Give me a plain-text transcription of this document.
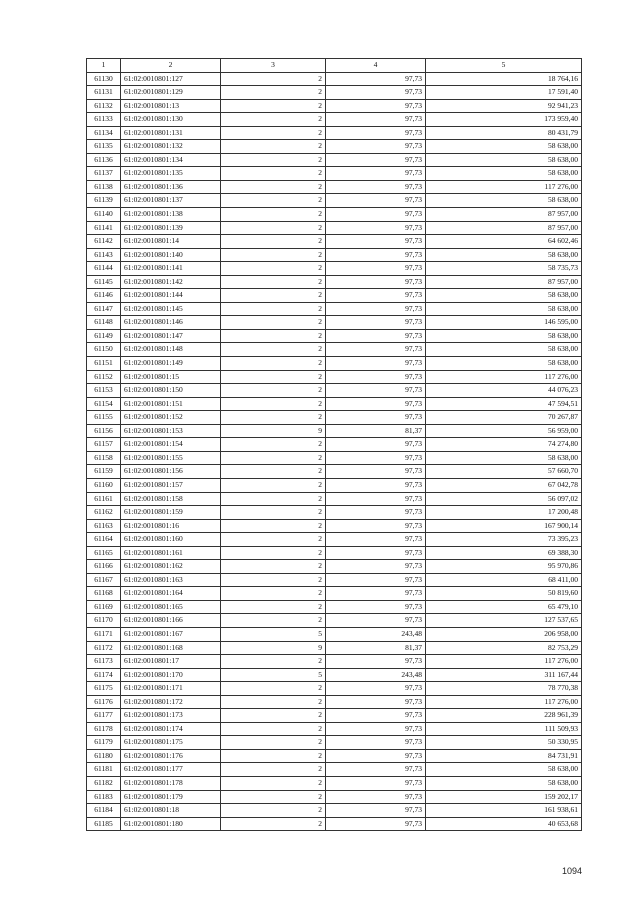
1	2	3	4	5
61130	61:02:0010801:127	2	97,73	18 764,16
61131	61:02:0010801:129	2	97,73	17 591,40
61132	61:02:0010801:13	2	97,73	92 941,23
61133	61:02:0010801:130	2	97,73	173 959,40
61134	61:02:0010801:131	2	97,73	80 431,79
61135	61:02:0010801:132	2	97,73	58 638,00
61136	61:02:0010801:134	2	97,73	58 638,00
61137	61:02:0010801:135	2	97,73	58 638,00
61138	61:02:0010801:136	2	97,73	117 276,00
61139	61:02:0010801:137	2	97,73	58 638,00
61140	61:02:0010801:138	2	97,73	87 957,00
61141	61:02:0010801:139	2	97,73	87 957,00
61142	61:02:0010801:14	2	97,73	64 602,46
61143	61:02:0010801:140	2	97,73	58 638,00
61144	61:02:0010801:141	2	97,73	58 735,73
61145	61:02:0010801:142	2	97,73	87 957,00
61146	61:02:0010801:144	2	97,73	58 638,00
61147	61:02:0010801:145	2	97,73	58 638,00
61148	61:02:0010801:146	2	97,73	146 595,00
61149	61:02:0010801:147	2	97,73	58 638,00
61150	61:02:0010801:148	2	97,73	58 638,00
61151	61:02:0010801:149	2	97,73	58 638,00
61152	61:02:0010801:15	2	97,73	117 276,00
61153	61:02:0010801:150	2	97,73	44 076,23
61154	61:02:0010801:151	2	97,73	47 594,51
61155	61:02:0010801:152	2	97,73	70 267,87
61156	61:02:0010801:153	9	81,37	56 959,00
61157	61:02:0010801:154	2	97,73	74 274,80
61158	61:02:0010801:155	2	97,73	58 638,00
61159	61:02:0010801:156	2	97,73	57 660,70
61160	61:02:0010801:157	2	97,73	67 042,78
61161	61:02:0010801:158	2	97,73	56 097,02
61162	61:02:0010801:159	2	97,73	17 200,48
61163	61:02:0010801:16	2	97,73	167 900,14
61164	61:02:0010801:160	2	97,73	73 395,23
61165	61:02:0010801:161	2	97,73	69 388,30
61166	61:02:0010801:162	2	97,73	95 970,86
61167	61:02:0010801:163	2	97,73	68 411,00
61168	61:02:0010801:164	2	97,73	50 819,60
61169	61:02:0010801:165	2	97,73	65 479,10
61170	61:02:0010801:166	2	97,73	127 537,65
61171	61:02:0010801:167	5	243,48	206 958,00
61172	61:02:0010801:168	9	81,37	82 753,29
61173	61:02:0010801:17	2	97,73	117 276,00
61174	61:02:0010801:170	5	243,48	311 167,44
61175	61:02:0010801:171	2	97,73	78 770,38
61176	61:02:0010801:172	2	97,73	117 276,00
61177	61:02:0010801:173	2	97,73	228 961,39
61178	61:02:0010801:174	2	97,73	111 509,93
61179	61:02:0010801:175	2	97,73	50 330,95
61180	61:02:0010801:176	2	97,73	84 731,91
61181	61:02:0010801:177	2	97,73	58 638,00
61182	61:02:0010801:178	2	97,73	58 638,00
61183	61:02:0010801:179	2	97,73	159 202,17
61184	61:02:0010801:18	2	97,73	161 938,61
61185	61:02:0010801:180	2	97,73	40 653,68
1094
